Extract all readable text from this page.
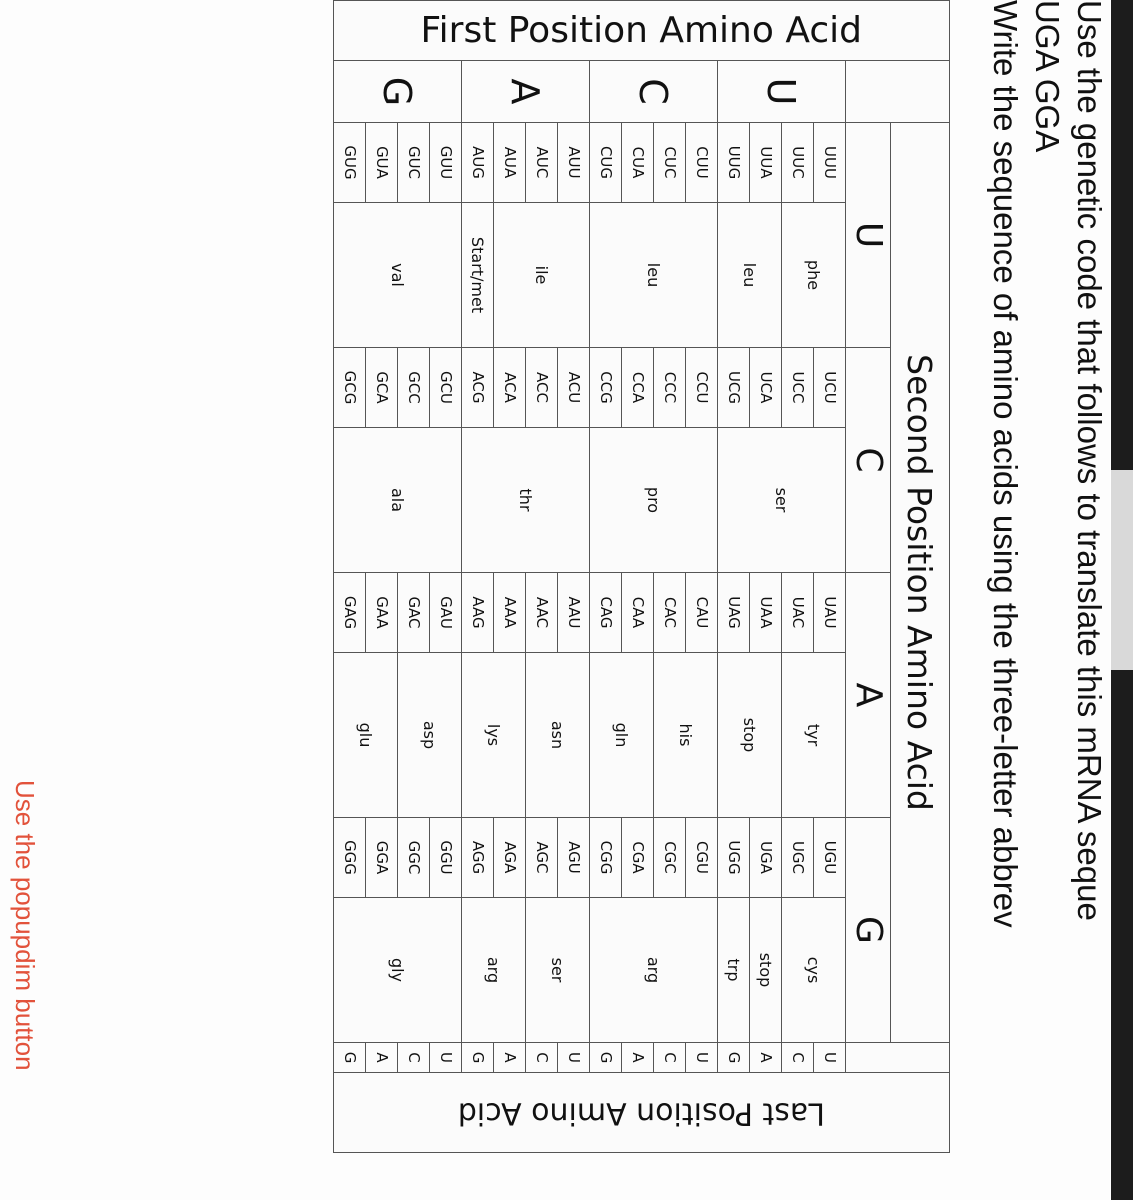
Use the genetic code that follows to translate this mRNA seque
UGA GGA
Write the sequence of amino acids using the three-letter abbrev
First Position Amino Acid		Second Position Amino Acid									Last Position Amino Acid

		U		C		A		G			
	U	UUU	phe	UCU	ser	UAU	tyr	UGU	cys	U	
		UUC		UCC		UAC		UGC		C	
		UUA	leu	UCA		UAA	stop	UGA	stop	A	
		UUG		UCG		UAG		UGG	trp	G	
	C	CUU	leu	CCU	pro	CAU	his	CGU	arg	U	
		CUC		CCC		CAC		CGC		C	
		CUA		CCA		CAA	gln	CGA		A	
		CUG		CCG		CAG		CGG		G	
	A	AUU	ile	ACU	thr	AAU	asn	AGU	ser	U	
		AUC		ACC		AAC		AGC		C	
		AUA		ACA		AAA	lys	AGA	arg	A	
		AUG	Start/met	ACG		AAG		AGG		G	
	G	GUU	val	GCU	ala	GAU	asp	GGU	gly	U	
		GUC		GCC		GAC		GGC		C	
		GUA		GCA		GAA	glu	GGA		A	
		GUG		GCG		GAG		GGG		G	
Use the popupdim button
